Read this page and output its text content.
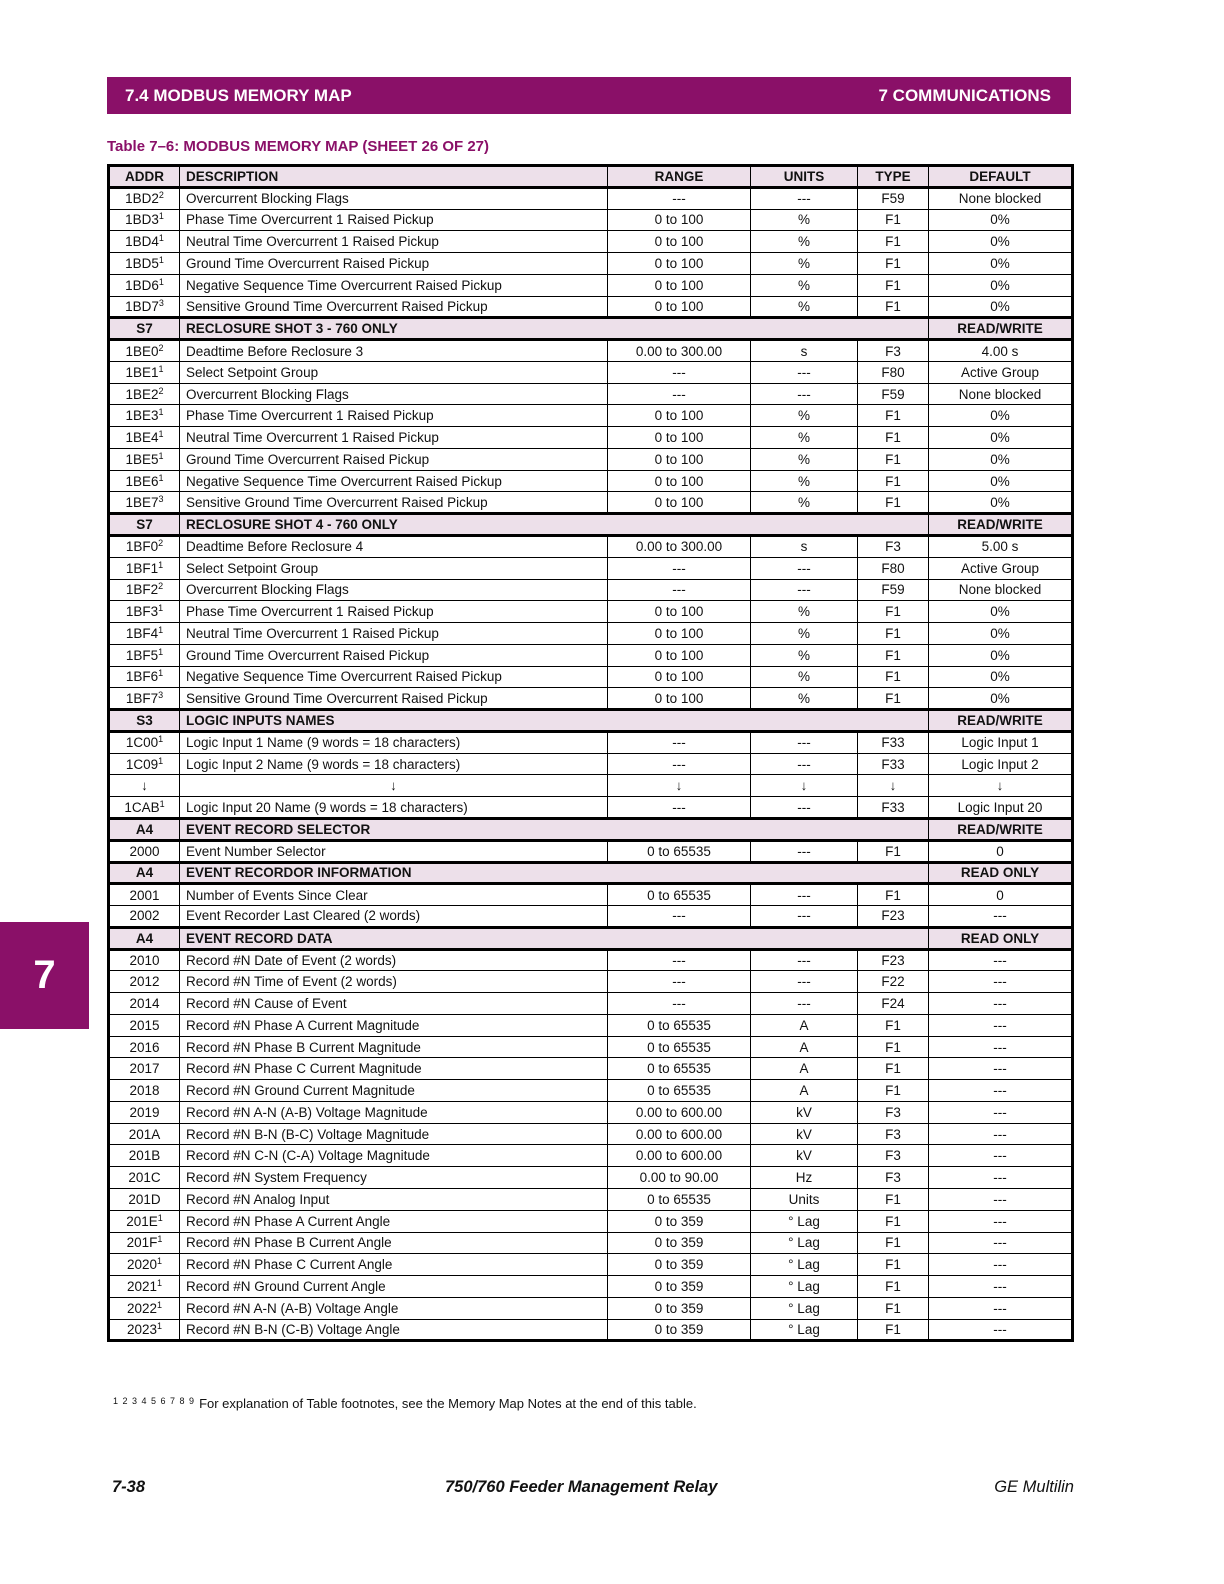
7.4 MODBUS MEMORY MAP	7 COMMUNICATIONS
Table 7–6: MODBUS MEMORY MAP (SHEET 26 OF 27)
7
ADDR	DESCRIPTION	RANGE	UNITS	TYPE	DEFAULT
$1BD2^2$	Overcurrent Blocking Flags	---	---	F59	None blocked
$1BD3^1$	Phase Time Overcurrent 1 Raised Pickup	0 to 100	%	F1	0%
$1BD4^1$	Neutral Time Overcurrent 1 Raised Pickup	0 to 100	%	F1	0%
$1BD5^1$	Ground Time Overcurrent Raised Pickup	0 to 100	%	F1	0%
$1BD6^1$	Negative Sequence Time Overcurrent Raised Pickup	0 to 100	%	F1	0%
$1BD7^3$	Sensitive Ground Time Overcurrent Raised Pickup	0 to 100	%	F1	0%
S7	RECLOSURE SHOT 3 - 760 ONLY				READ/WRITE
$1BE0^2$	Deadtime Before Reclosure 3	0.00 to 300.00	s	F3	4.00 s
$1BE1^1$	Select Setpoint Group	---	---	F80	Active Group
$1BE2^2$	Overcurrent Blocking Flags	---	---	F59	None blocked
$1BE3^1$	Phase Time Overcurrent 1 Raised Pickup	0 to 100	%	F1	0%
$1BE4^1$	Neutral Time Overcurrent 1 Raised Pickup	0 to 100	%	F1	0%
$1BE5^1$	Ground Time Overcurrent Raised Pickup	0 to 100	%	F1	0%
$1BE6^1$	Negative Sequence Time Overcurrent Raised Pickup	0 to 100	%	F1	0%
$1BE7^3$	Sensitive Ground Time Overcurrent Raised Pickup	0 to 100	%	F1	0%
S7	RECLOSURE SHOT 4 - 760 ONLY				READ/WRITE
$1BF0^2$	Deadtime Before Reclosure 4	0.00 to 300.00	s	F3	5.00 s
$1BF1^1$	Select Setpoint Group	---	---	F80	Active Group
$1BF2^2$	Overcurrent Blocking Flags	---	---	F59	None blocked
$1BF3^1$	Phase Time Overcurrent 1 Raised Pickup	0 to 100	%	F1	0%
$1BF4^1$	Neutral Time Overcurrent 1 Raised Pickup	0 to 100	%	F1	0%
$1BF5^1$	Ground Time Overcurrent Raised Pickup	0 to 100	%	F1	0%
$1BF6^1$	Negative Sequence Time Overcurrent Raised Pickup	0 to 100	%	F1	0%
$1BF7^3$	Sensitive Ground Time Overcurrent Raised Pickup	0 to 100	%	F1	0%
S3	LOGIC INPUTS NAMES				READ/WRITE
$1C00^1$	Logic Input 1 Name (9 words = 18 characters)	---	---	F33	Logic Input 1
$1C09^1$	Logic Input 2 Name (9 words = 18 characters)	---	---	F33	Logic Input 2
↓	↓	↓	↓	↓	↓
1CAB$^1$	Logic Input 20 Name (9 words = 18 characters)	---	---	F33	Logic Input 20
A4	EVENT RECORD SELECTOR				READ/WRITE
2000	Event Number Selector	0 to 65535	---	F1	0
A4	EVENT RECORDOR INFORMATION				READ ONLY
2001	Number of Events Since Clear	0 to 65535	---	F1	0
2002	Event Recorder Last Cleared (2 words)	---	---	F23	---
A4	EVENT RECORD DATA				READ ONLY
2010	Record #N Date of Event (2 words)	---	---	F23	---
2012	Record #N Time of Event (2 words)	---	---	F22	---
2014	Record #N Cause of Event	---	---	F24	---
2015	Record #N Phase A Current Magnitude	0 to 65535	A	F1	---
2016	Record #N Phase B Current Magnitude	0 to 65535	A	F1	---
2017	Record #N Phase C Current Magnitude	0 to 65535	A	F1	---
2018	Record #N Ground Current Magnitude	0 to 65535	A	F1	---
2019	Record #N A-N (A-B) Voltage Magnitude	0.00 to 600.00	kV	F3	---
201A	Record #N B-N (B-C) Voltage Magnitude	0.00 to 600.00	kV	F3	---
201B	Record #N C-N (C-A) Voltage Magnitude	0.00 to 600.00	kV	F3	---
201C	Record #N System Frequency	0.00 to 90.00	Hz	F3	---
201D	Record #N Analog Input	0 to 65535	Units	F1	---
$201E^1$	Record #N Phase A Current Angle	0 to 359	° Lag	F1	---
$201F^1$	Record #N Phase B Current Angle	0 to 359	° Lag	F1	---
2020$^1$	Record #N Phase C Current Angle	0 to 359	° Lag	F1	---
2021$^1$	Record #N Ground Current Angle	0 to 359	° Lag	F1	---
2022$^1$	Record #N A-N (A-B) Voltage Angle	0 to 359	° Lag	F1	---
2023$^1$	Record #N B-N (C-B) Voltage Angle	0 to 359	° Lag	F1	---
$^{1 2 3 4 5 6 7 8 9}$ For explanation of Table footnotes, see the Memory Map Notes at the end of this table.
7-38	750/760 Feeder Management Relay	GE Multilin
